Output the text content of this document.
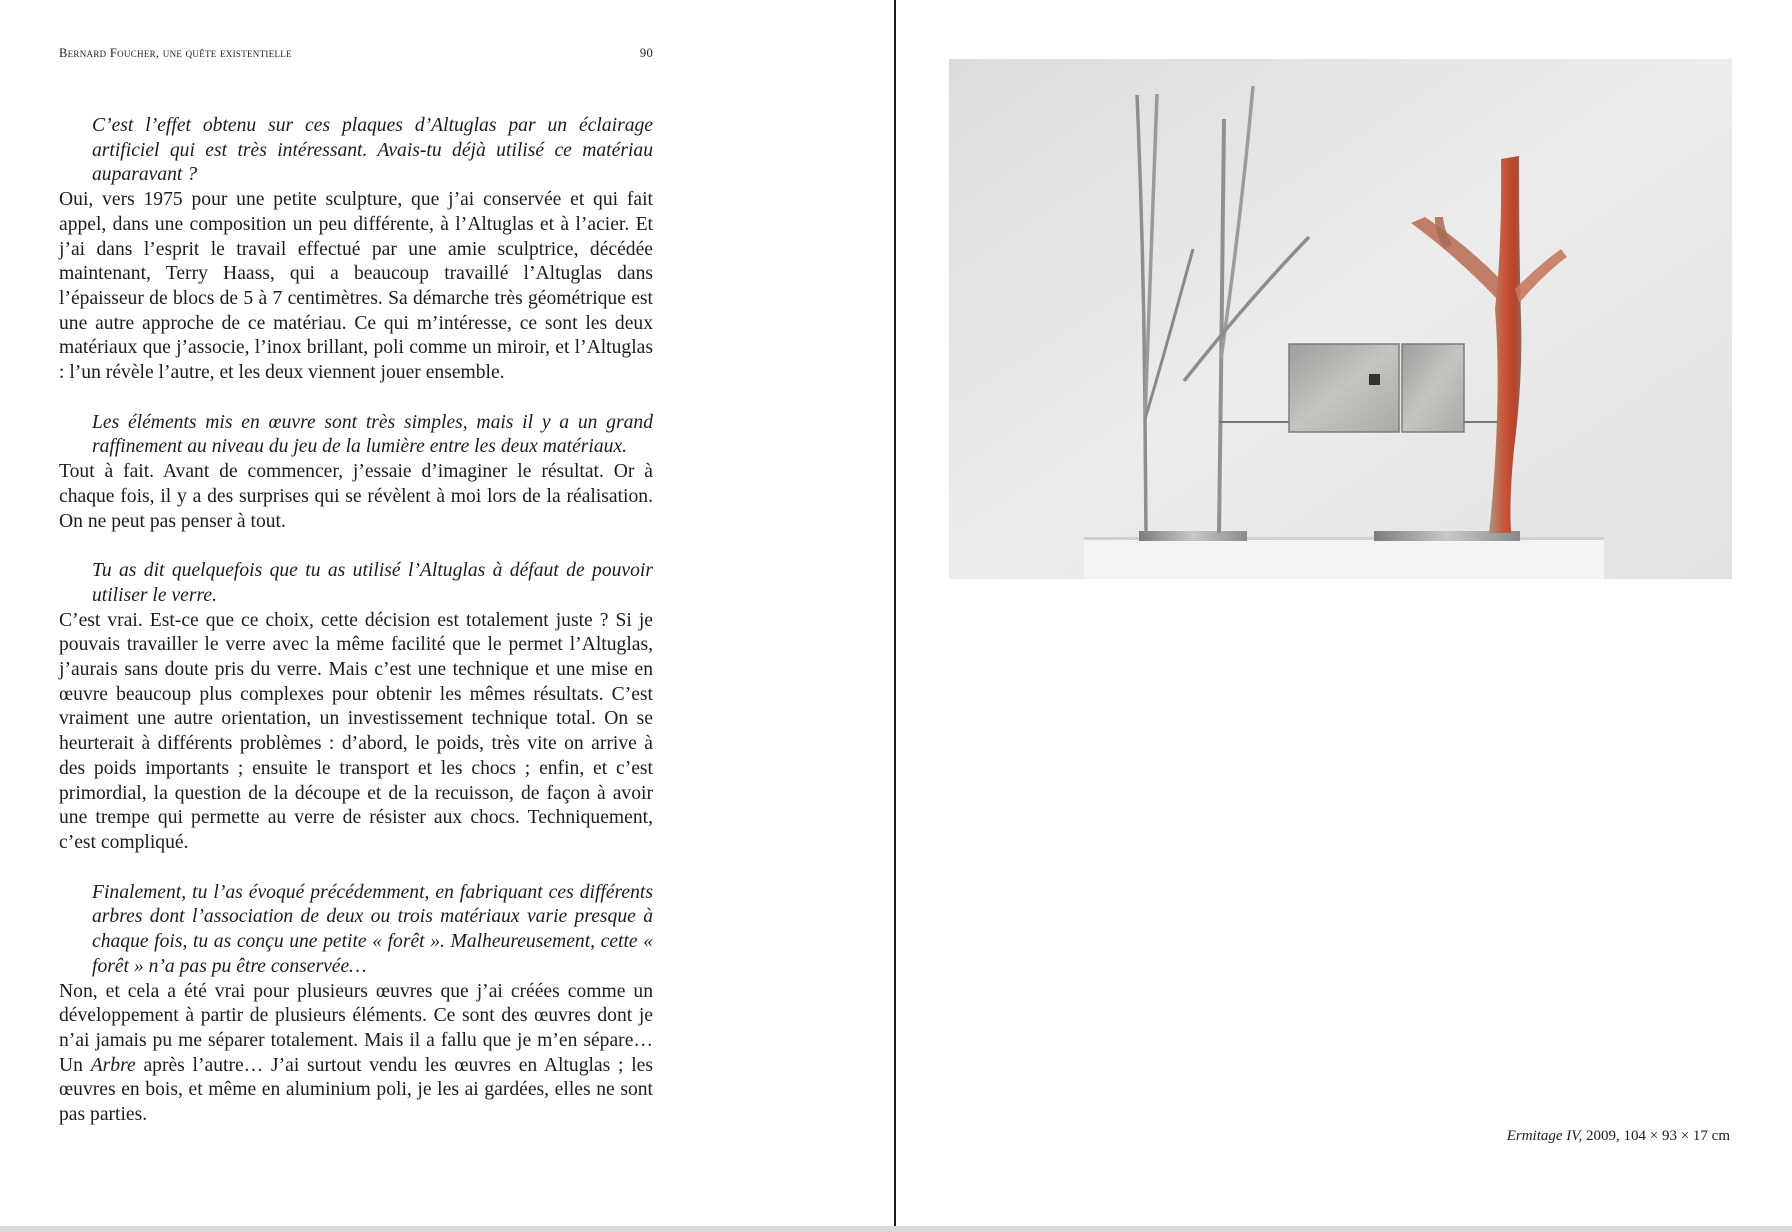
Bernard Foucher, une quête existentielle	90

C’est l’effet obtenu sur ces plaques d’Altuglas par un éclairage artificiel qui est très intéressant. Avais-tu déjà utilisé ce matériau auparavant ?

Oui, vers 1975 pour une petite sculpture, que j’ai conservée et qui fait appel, dans une composition un peu différente, à l’Altuglas et à l’acier. Et j’ai dans l’esprit le travail effectué par une amie sculptrice, décédée maintenant, Terry Haass, qui a beaucoup travaillé l’Altuglas dans l’épaisseur de blocs de 5 à 7 centimètres. Sa démarche très géométrique est une autre approche de ce matériau. Ce qui m’intéresse, ce sont les deux matériaux que j’associe, l’inox brillant, poli comme un miroir, et l’Altuglas : l’un révèle l’autre, et les deux viennent jouer ensemble.

Les éléments mis en œuvre sont très simples, mais il y a un grand raffinement au niveau du jeu de la lumière entre les deux matériaux.

Tout à fait. Avant de commencer, j’essaie d’imaginer le résultat. Or à chaque fois, il y a des surprises qui se révèlent à moi lors de la réalisation. On ne peut pas penser à tout.

Tu as dit quelquefois que tu as utilisé l’Altuglas à défaut de pouvoir utiliser le verre.

C’est vrai. Est-ce que ce choix, cette décision est totalement juste ? Si je pouvais travailler le verre avec la même facilité que le permet l’Altuglas, j’aurais sans doute pris du verre. Mais c’est une technique et une mise en œuvre beaucoup plus complexes pour obtenir les mêmes résultats. C’est vraiment une autre orientation, un investissement technique total. On se heurterait à différents problèmes : d’abord, le poids, très vite on arrive à des poids importants ; ensuite le transport et les chocs ; enfin, et c’est primordial, la question de la découpe et de la recuisson, de façon à avoir une trempe qui permette au verre de résister aux chocs. Techniquement, c’est compliqué.

Finalement, tu l’as évoqué précédemment, en fabriquant ces différents arbres dont l’association de deux ou trois matériaux varie presque à chaque fois, tu as conçu une petite « forêt ». Malheureusement, cette « forêt » n’a pas pu être conservée…

Non, et cela a été vrai pour plusieurs œuvres que j’ai créées comme un développement à partir de plusieurs éléments. Ce sont des œuvres dont je n’ai jamais pu me séparer totalement. Mais il a fallu que je m’en sépare… Un Arbre après l’autre… J’ai surtout vendu les œuvres en Altuglas ; les œuvres en bois, et même en aluminium poli, je les ai gardées, elles ne sont pas parties.

Ermitage IV, 2009, 104 × 93 × 17 cm
